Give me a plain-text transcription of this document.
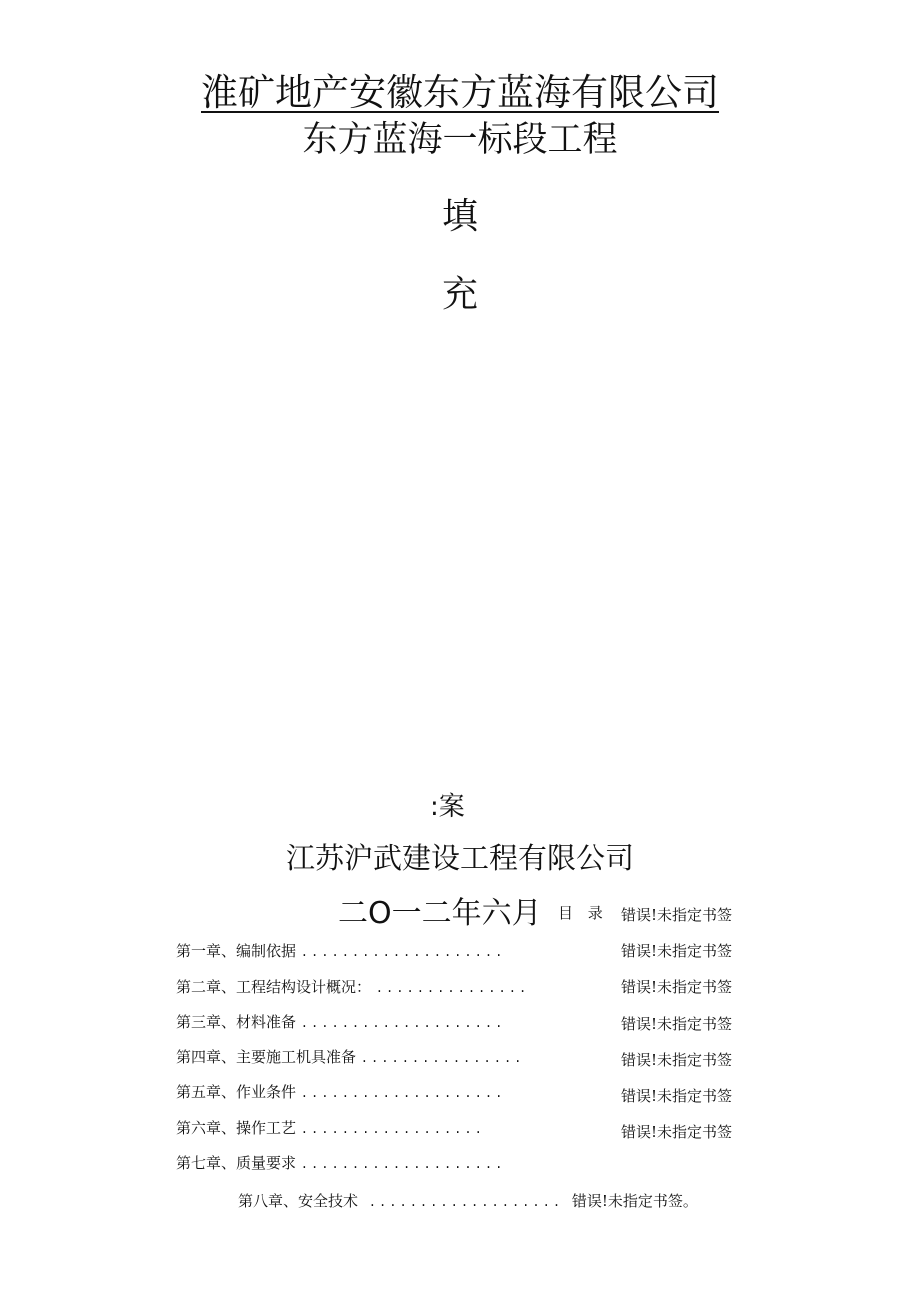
淮矿地产安徽东方蓝海有限公司
东方蓝海一标段工程
填
充
:案
江苏沪武建设工程有限公司
二O一二年六月 目 录 错误!未指定书签
第一章、编制依据 ....................	错误!未指定书签
第二章、工程结构设计概况： ...............	错误!未指定书签
第三章、材料准备 ....................	错误!未指定书签
第四章、主要施工机具准备 ................	错误!未指定书签
第五章、作业条件 ....................	错误!未指定书签
第六章、操作工艺 ..................	错误!未指定书签
第七章、质量要求 ....................
第八章、安全技术 ................... 错误!未指定书签。
